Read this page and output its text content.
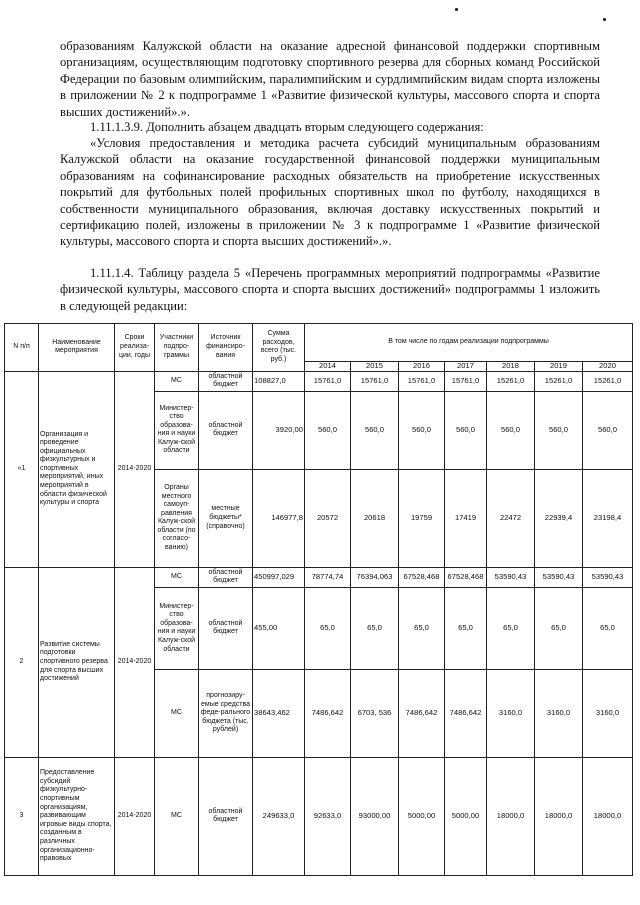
образованиям Калужской области на оказание адресной финансовой поддержки спортивным организациям, осуществляющим подготовку спортивного резерва для сборных команд Российской Федерации по базовым олимпийским, паралимпийским и сурдлимпийским видам спорта изложены в приложении № 2 к подпрограмме 1 «Развитие физической культуры, массового спорта и спорта высших достижений».».

1.11.1.3.9. Дополнить абзацем двадцать вторым следующего содержания:

«Условия предоставления и методика расчета субсидий муниципальным образованиям Калужской области на оказание государственной финансовой поддержки муниципальным образованиям на софинансирование расходных обязательств на приобретение искусственных покрытий для футбольных полей профильных спортивных школ по футболу, находящихся в собственности муниципального образования, включая доставку искусственных покрытий и сертификацию полей, изложены в приложении № 3 к подпрограмме 1 «Развитие физической культуры, массового спорта и спорта высших достижений».».

1.11.1.4. Таблицу раздела 5 «Перечень программных мероприятий подпрограммы «Развитие физической культуры, массового спорта и спорта высших достижений» подпрограммы 1 изложить в следующей редакции:

N п/п	Наименование мероприятия	Сроки реализа-ции, годы	Участники подпро-граммы	Источник финансиро-вания	Сумма расходов, всего (тыс. руб.)	В том числе по годам реализации подпрограммы						
						2014	2015	2016	2017	2018	2019	2020
«1	Организация и проведение официальных физкультурных и спортивных мероприятий, иных мероприятий в области физической культуры и спорта	2014-2020	МС	областной бюджет	108827,0	15761,0	15761,0	15761,0	15761,0	15261,0	15261,0	15261,0
			Министер-ство образова-ния и науки Калуж-ской области	областной бюджет	3920,00	560,0	560,0	560,0	560,0	560,0	560,0	560,0
			Органы местного самоуп-равления Калуж-ской области (по согласо-ванию)	местные бюджеты* (справочно)	146977,8	20572	20618	19759	17419	22472	22939,4	23198,4
2	Развитие системы подготовки спортивного резерва для спорта высших достижений	2014-2020	МС	областной бюджет	450997,029	78774,74	76394,063	67528,468	67528,468	53590,43	53590,43	53590,43
			Министер-ство образова-ния и науки Калуж-ской области	областной бюджет	455,00	65,0	65,0	65,0	65,0	65,0	65,0	65,0
			МС	прогнозиру-емые средства феде-рального бюджета (тыс. рублей)	38643,462	7486,642	6703, 536	7486,642	7486,642	3160,0	3160,0	3160,0
3	Предоставление субсидий физкультурно-спортивным организациям, развивающим игровые виды спорта, созданным в различных организационно-правовых	2014-2020	МС	областной бюджет	249633,0	92633,0	93000,00	5000,00	5000,00	18000,0	18000,0	18000,0
